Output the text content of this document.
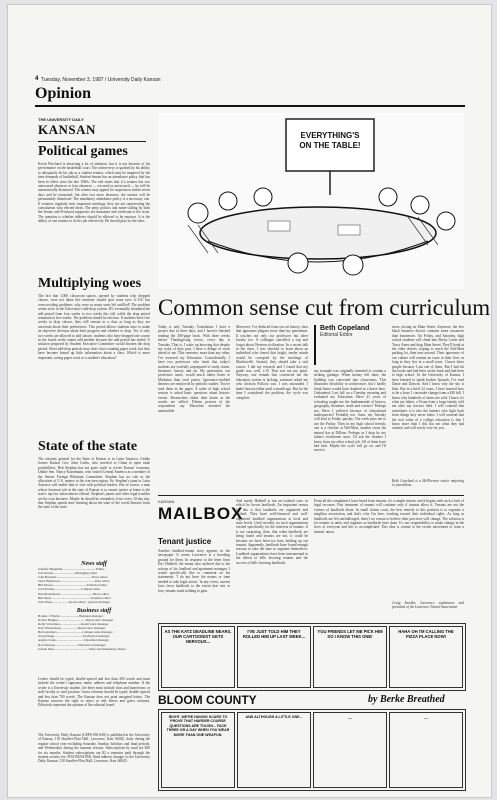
4 Tuesday, November 3, 1987 / University Daily Kansan
Opinion
THE UNIVERSITY DAILY
KANSAN
Political games
Kevin Pritchard is attracting a lot of attention, but it is not because of his performance on the basketball court. The controversy is sparked by his ability to adequately do his job as a student senator, which may be impaired by the time demands of basketball. Student Senate has an attendance policy that has been in effect since the late 1960s. The rule states that if a senator has two unexcused absences or four absences — excused or unexcused — he will be automatically dismissed. The senator may appeal for suspension within seven days and be reinstated, but after two more absences, the senator will be permanently dismissed. The mandatory attendance policy is a necessary one. If senators regularly miss important meetings, they are not representing the constituents who elected them. The petty politics and name-calling by both the Senate and Pritchard supporters are immature and irrelevant to the issue. The question is whether athletes should be allowed to be senators. It is the ability of one senator to do his job effectively. He should play by the rules.
Multiplying woes
The fact that 3,000 classroom spaces, opened by students who dropped classes, were not taken this semester should spur some eyes. If KU has overcrowding problems, why were so many seats left unfilled? The problem seems to lie in the University's add-drop system. KU eventually shortened the add period from four weeks to two weeks this fall, while the drop period remained at five weeks. The problem should be obvious. If students have five weeks to drop classes, they will remain in a class as long as they are uncertain about their preferences. This period allows students time to make an objective decision about their progress and whether to drop. Yet, if only two weeks are allowed to add classes, students who have dropped one course in the fourth week cannot add another because the add period has ended. A solution proposed by Student Executive Committee would shorten the drop period. Short add-drop periods may clear class-counting paper work, but they have become bound up little information about a class. Which is more important, saving paper work or a student's education?
State of the state
The attorney general for the State of Kansas is in Latin America. Unlike former Kansas Gov. John Carlin, who traveled to China to open trade possibilities, Bob Stephan has not gone south to revive Kansas' economy. Unlike Sen. Nancy Kassebaum, who visited Central America as a member of the Senate Foreign Relations Committee, Stephan has no role in the allocation of U.S. money to the war-torn region. So, Stephan's jaunt to Latin America will enable him to visit with political leaders. But of course, a man whose foremost job in the state of Kansas is to ensure justice at home is the state's top law enforcement official. Stephan's jaunts and other legal troubles are his own business. Maybe he should be reminded, if not every 10-day trip, that Stephan spends time learning about the state of the world detracts from the state of the state.
News staff
Jennifer Benjamin.........................................Editor
Juli Warren...........................Managing editor
John Bessmer...........................................News editor
Steve Hightower..........................................Wire editor
Bill Moore..........................................Editorial editor
Jon Niccum.................................Campus editor
Dan Rautenbach........................................Photo editor
Bill Skeet................................................Graphics editor
Tom Elsen....................Sports editor / general manager
Business staff
Bonnie J. Hardy........................Business manager
Robert Hughes..................................Retail sales manager
Kelly Schachner..........................Retail sales manager
Kurt Wessenberg.....................Retail sales manager
Barb Andrews...............................Campus sales manager
Greg Knapp...................................Production manager
Angela Clark..................................Classified manager
Ron Westrop............................National ad manager
Jeanne Shea..........................................Sales and marketing adviser
Letters should be typed, double-spaced and less than 200 words and must include the writer's signature, name, address and telephone number. If the writer is a University student, the letter must include class and hometown; or staff faculty or staff position. Guest columns should be typed, double-spaced and less than 700 words. The Kansan does not print unsigned letters. The Kansan reserves the right to reject or edit letters and guest columns. Editorials represent the opinion of the editorial board.
The University Daily Kansan (USPS 650-640) is published at the University of Kansas, 118 Stauffer-Flint Hall, Lawrence, Kan. 66045, daily during the regular school year excluding Saturday, Sunday, holidays and final periods, and Wednesdays during the summer session. Subscriptions by mail are $30 for six months. Student subscriptions are $2 a semester paid through the student activity fee. POSTMASTER: Send address changes to the University Daily Kansan, 118 Stauffer-Flint Hall, Lawrence, Kan. 66045.
EVERYTHING'S ON THE TABLE!
Common sense cut from curriculum
Today is only Tuesday. Translation: I have a project due in three days, and I haven't finished reading the 300-page book. With three weeks before Thanksgiving recess, every day is Tuesday. That is, I wake up knowing that despite my work of days past, I have a deluge of work ahead of me. This semester, more than any other, I've assessed my Education. Coincidentally, I have two professors who insist that today's students are woefully unprepared to study classic literature, history and art. My generation, our professors insist, would much rather listen to Madonna than read poetry. Ignorance-studded theories are reinforced by periodic studies. You've read them in the paper. A cadre of high school seniors is asked basic questions about historic events. Researchers shake their heads as the results are tallied. Fifteen percent of the respondents say Massolini invented the automobile.
Moreover, I've deduced from our art history class that ignorance plagues more than my generation. It touches not only our professors but other faculty too. A colleague cancelled a trip and forgot about Western civilization. In a recent talk in the class, I was shocked to learn about an individual who feared that bright, tender minds would be corrupted by the teachings of Machiavelli. Instead, they should take a real course. I did my research and I found that my grade was, well, a B. That was not my point. Anyway, one remark that convinced me the education system is lacking: someone asked me who Jackson Pollock was. I was astounded. I hadn't known either until a month ago. But by the time I considered the problem, the cycle was complete.
Beth Copeland
Editorial Editor
my example was originally intended to contain a striking garbage. When money fell short, the building was converted into classrooms. This illustrates flexibility in architecture, but I hardly think Sartre would have doubted as a brave hero. Undaunted: Last fall on a Tuesday morning and evaluated my Education. Have 21 years of schooling taught me the fundamentals of history, geography, literature, math and science? Perhaps not. Have I suffered because of educational inadequacies? Probably not. Soon, my Tuesday will lead to Friday, payday. The week pays me to use the Friday. Then in my high school friends, one is a checker at Wal-Mart, another owns the natural bar at Dillons. Perhaps as I drop by my father's backhome store, I'll ask the farmers I know from my other school job. All of them have bad luck. Maybe the cycle will go on, and I'll survive.
stone closing on Main Street. Anymore, the few black business district contains more vacancies than businesses. On Friday, and Saturday, high school students will climb into Becky Carter and Tracy Ames and drag Main Street. They'll honk at the other drivers, hoping to reach the Wal-Mart parking lot, then turn around. Their ignorance of our culture will remain an issue in their lives as long as they live in a small town. I know these people because I am one of them. But I had hit the books and had been on the book and had been to high school. At the University of Kansas, I have learned to speak broken Spanish, I've read Dante and Darwin. And I know why the sky is blue. But in a brief 22 years, I have learned how to be a loser. I can make change from a $20 bill. I know why hundreds of farms are sold. I know it's what my father, a Texan from a large family, told me after my tractors died. I will contend that sometimes it is also the farmers who fight back from things they never knew. I will contend that the real value of a college education is that I know more than I did, but not what they had wanted, and will surely vote for you.
Beth Copeland is a McPherson senior majoring in journalism.
KANSAN
MAILBOX
Tenant justice
Another landlord-tenant story appears in the newspaper. It seems Lawrence is a breeding ground for them. In response to the letter from Eric Hubbell, the tenant who suffered due to the actions of his landlord and apartment manager, I would specifically like to comment on his statements: 'I do not have the means or time needed to take legal action.' In any event, current laws favor landlords to the extent that win or lose, tenants stand nothing to gain.
And surely Hubbell is not an isolated case, in which he favors landlords. An important reason for this is that landlords are organized and unified. They have well-financed and well-organized landlord organizations at local and state levels. Until recently, no such organizations existed specifically for the interests of tenants. It is not surprising, then, that when landlords are being heard and tenants are not, it could be because we have been too busy holding up our tenants. Apparently, landlords have found enough reasons to take the time to organize themselves. Landlord organizations have been instrumental in the defeat of bills favoring tenants and the success of bills favoring landlords.
From all the complaints I have heard from tenants, it's a simple reason: and it begins with such a lack of legal recourse. Past treatment of tenants will continue only if tenants allow it. Tenants are not the victims of landlords alone. In small claims court, the best remedy to this position is to organize a neighbor association, and that's why I'm here, working toward their individual rights. As long as landlords are left unchallenged, there's no reason to believe their practices will change. The solution is for tenants to unify and organize as landlords have done. It's our responsibility to make change in the lives of everyone and this is accomplished. This idea is central to the recent movement to form a tenants' union.
Craig Sandler, Lawrence sophomore and president of the Lawrence Tenant Association
AS THE KATZ DEADLINE NEARS, OUR CARTOONIST GETS NERVOUS...
I'VE JUST TOLD HIM THEY ROLLED HIM UP LAST WEEK...
YOU FRIENDS LET ME PICK HIM SO I KNOW THIS ONE!
HAHA OH I'M CALLING THE PIZZA PLACE NOW!
BLOOM COUNTY	by Berke Breathed
RIGHT. WE'RE HAVING SCARS TO PROVE THAT HARDER COURSE QUESTIONS ARE TOUGH... FACE THREE OR A DAY WHEN YOU WEAR MORE THAN ONE WEAPON.
AND ALTHOUGH A LITTLE ONE...	...	...
